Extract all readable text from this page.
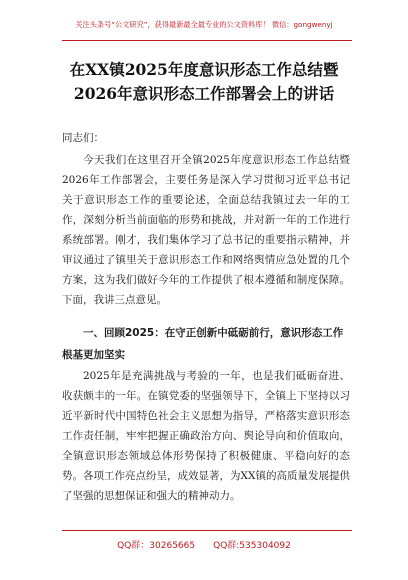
关注头条号“公文研究”，获得最新最全最专业的公文资料库！ 微信：gongwenyj
在XX镇2025年度意识形态工作总结暨
2026年意识形态工作部署会上的讲话
同志们：

今天我们在这里召开全镇2025年度意识形态工作总结暨2026年工作部署会，主要任务是深入学习贯彻习近平总书记关于意识形态工作的重要论述，全面总结我镇过去一年的工作，深刻分析当前面临的形势和挑战，并对新一年的工作进行系统部署。刚才，我们集体学习了总书记的重要指示精神，并审议通过了镇里关于意识形态工作和网络舆情应急处置的几个方案，这为我们做好今年的工作提供了根本遵循和制度保障。下面，我讲三点意见。

一、回顾2025：在守正创新中砥砺前行，意识形态工作根基更加坚实

2025年是充满挑战与考验的一年，也是我们砥砺奋进、收获颇丰的一年。在镇党委的坚强领导下，全镇上下坚持以习近平新时代中国特色社会主义思想为指导，严格落实意识形态工作责任制，牢牢把握正确政治方向、舆论导向和价值取向，全镇意识形态领域总体形势保持了积极健康、平稳向好的态势。各项工作亮点纷呈，成效显著，为XX镇的高质量发展提供了坚强的思想保证和强大的精神动力。

QQ群：30265665 QQ群:535304092
